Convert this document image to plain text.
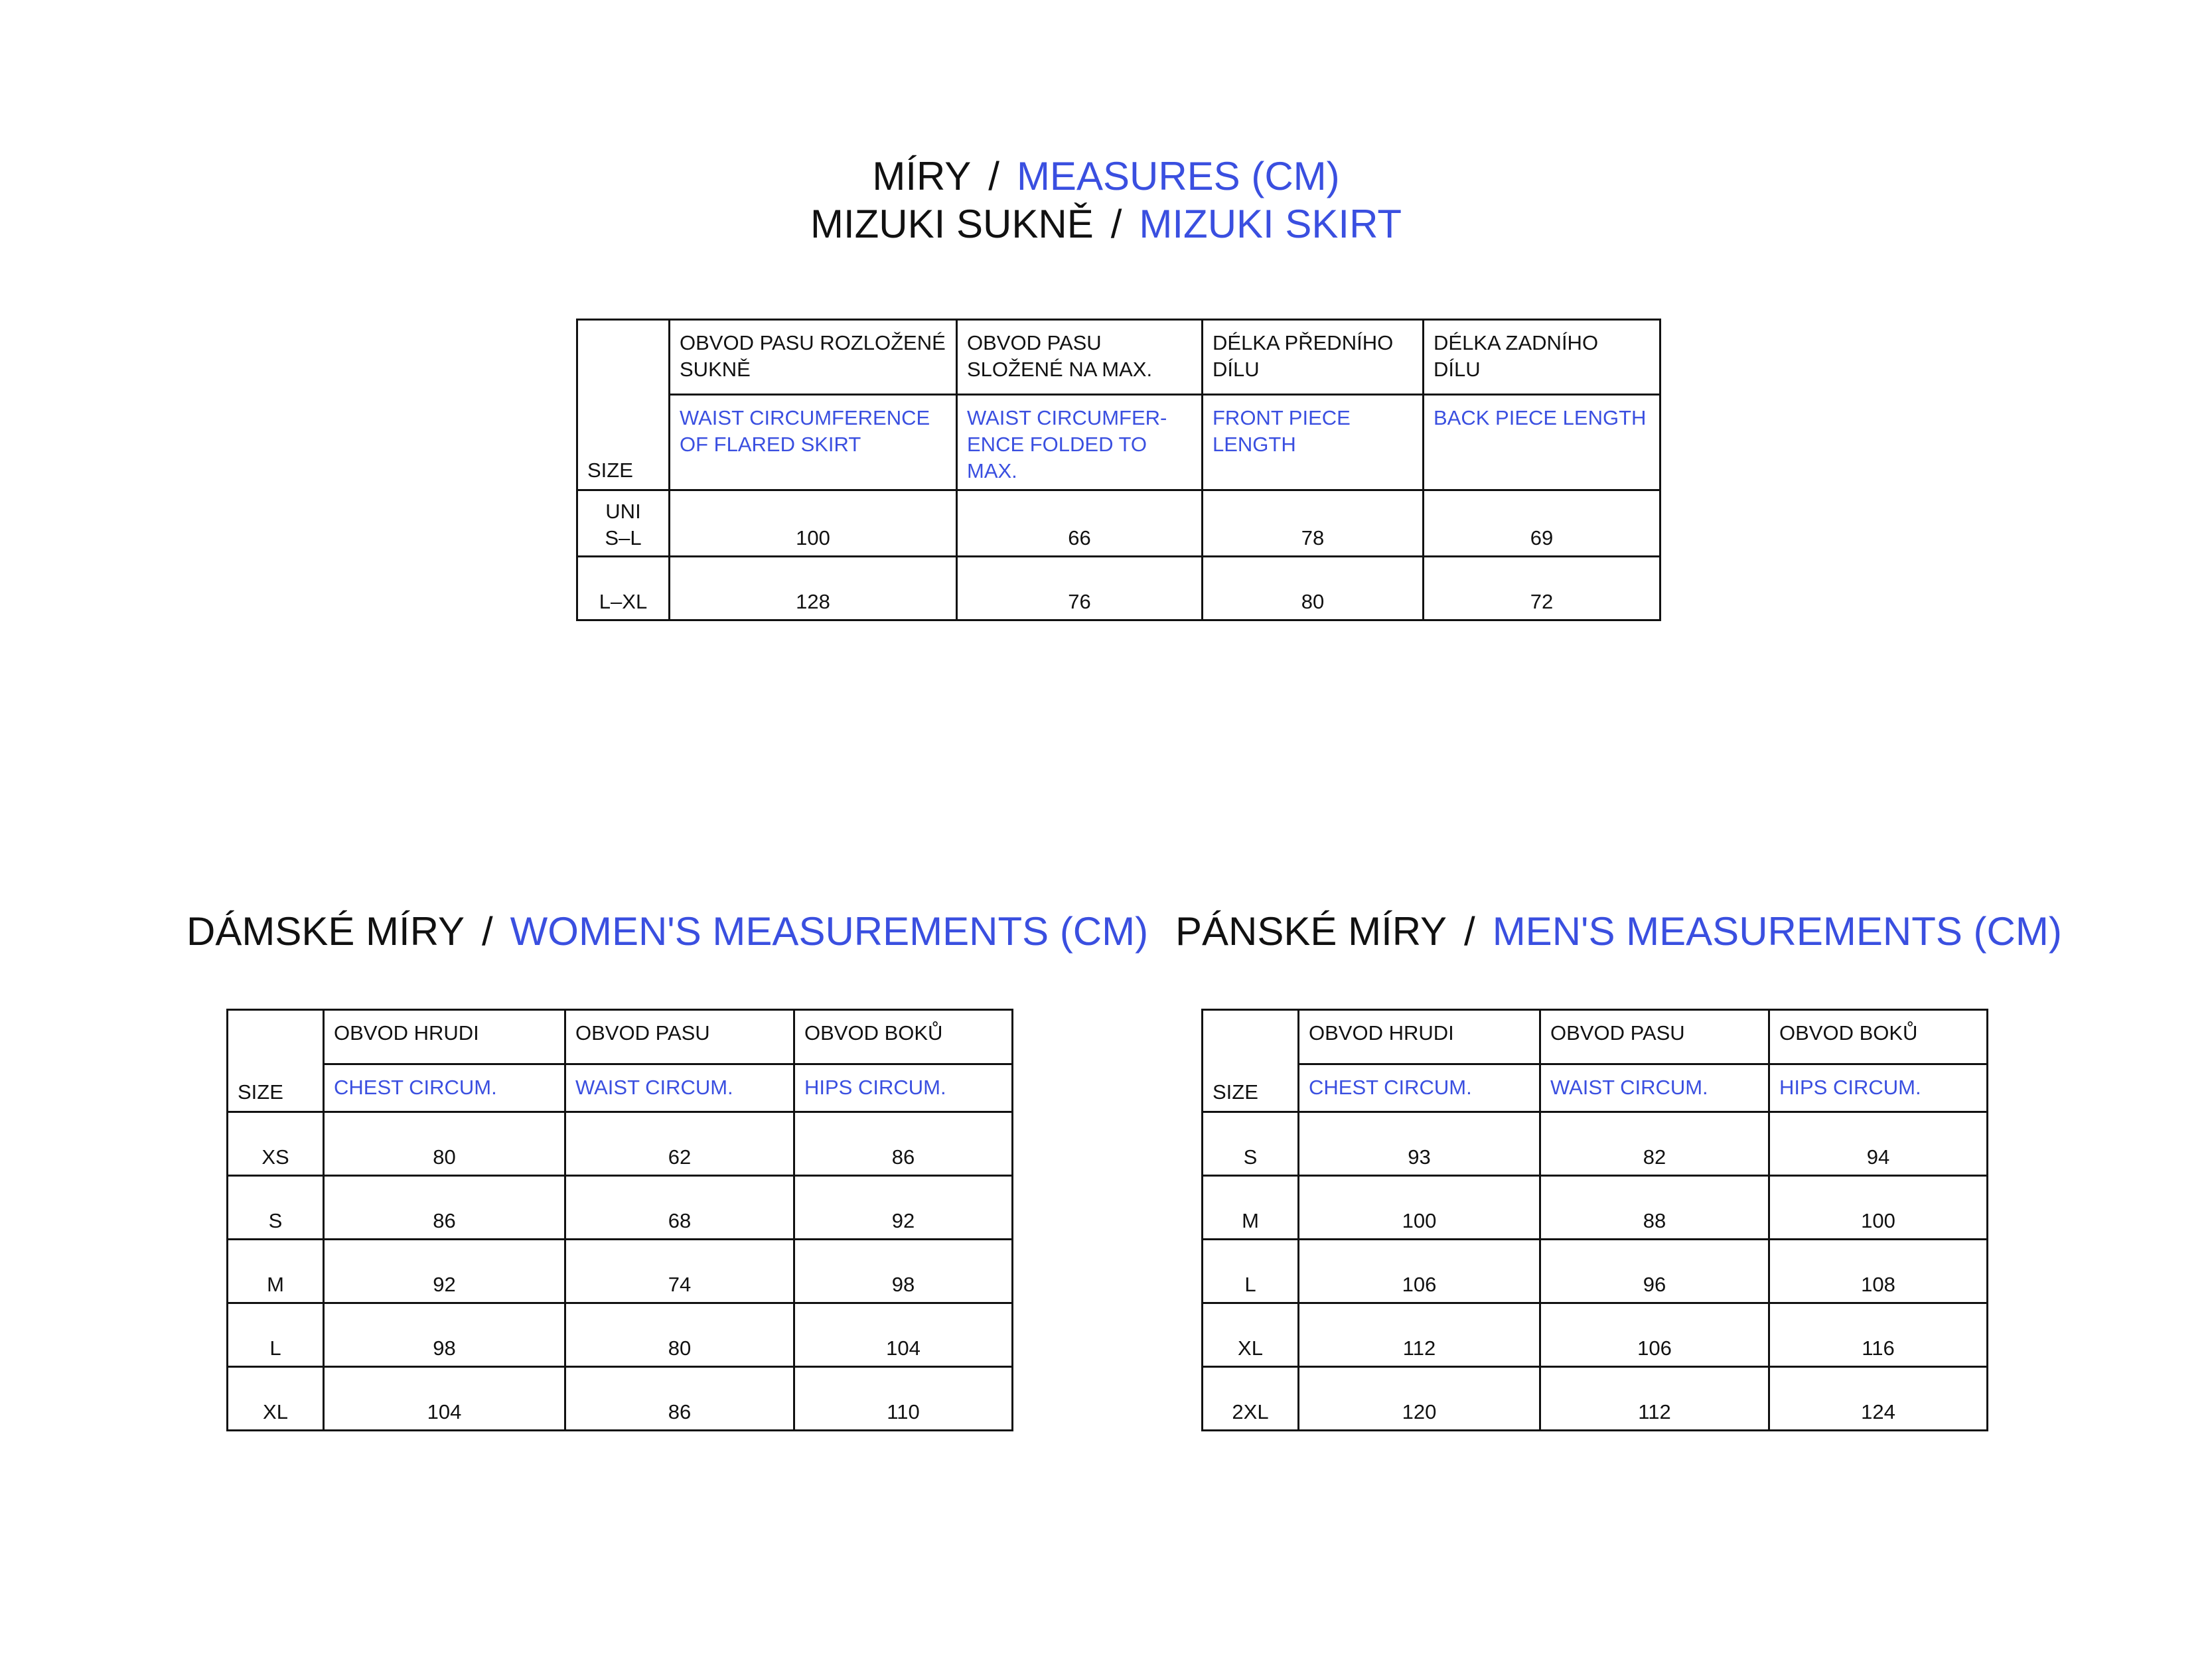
MÍRY / MEASURES (CM)
MIZUKI SUKNĚ / MIZUKI SKIRT
SIZE	OBVOD PASU ROZLOŽENÉ SUKNĚ	OBVOD PASU SLOŽENÉ NA MAX.	DÉLKA PŘEDNÍHO DÍLU	DÉLKA ZADNÍHO DÍLU
	WAIST CIRCUMFERENCE OF FLARED SKIRT	WAIST CIRCUMFER-ENCE FOLDED TO MAX.	FRONT PIECE LENGTH	BACK PIECE LENGTH

UNI
S–L	100	66	78	69
L–XL	128	76	80	72
DÁMSKÉ MÍRY / WOMEN'S MEASUREMENTS (CM) PÁNSKÉ MÍRY / MEN'S MEASUREMENTS (CM)
SIZE	OBVOD HRUDI	OBVOD PASU	OBVOD BOKŮ
	CHEST CIRCUM.	WAIST CIRCUM.	HIPS CIRCUM.
XS	80	62	86
S	86	68	92
M	92	74	98
L	98	80	104
XL	104	86	110
SIZE	OBVOD HRUDI	OBVOD PASU	OBVOD BOKŮ
	CHEST CIRCUM.	WAIST CIRCUM.	HIPS CIRCUM.
S	93	82	94
M	100	88	100
L	106	96	108
XL	112	106	116
2XL	120	112	124
